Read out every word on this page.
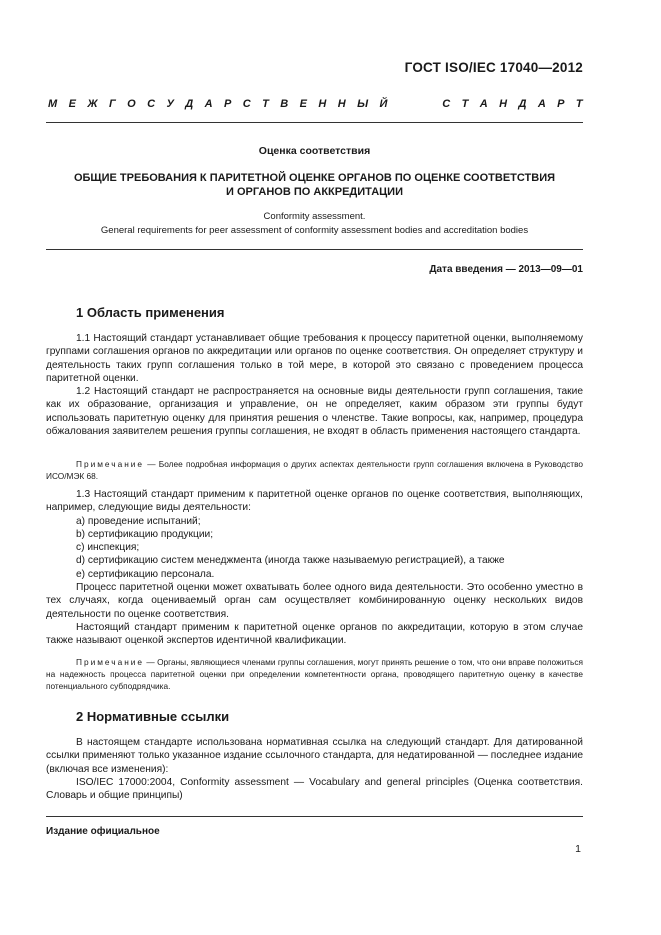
ГОСТ ISO/IEC 17040—2012
М Е Ж Г О С У Д А Р С Т В Е Н Н Ы Й

	С Т А Н Д А Р Т
Оценка соответствия
ОБЩИЕ ТРЕБОВАНИЯ К ПАРИТЕТНОЙ ОЦЕНКЕ ОРГАНОВ ПО ОЦЕНКЕ СООТВЕТСТВИЯ
И ОРГАНОВ ПО АККРЕДИТАЦИИ
Conformity assessment.
General requirements for peer assessment of conformity assessment bodies and accreditation bodies
Дата введения — 2013—09—01
1 Область применения

1.1 Настоящий стандарт устанавливает общие требования к процессу паритетной оценки, выполняемому группами соглашения органов по аккредитации или органов по оценке соответствия. Он определяет структуру и деятельность таких групп соглашения только в той мере, в которой это связано с проведением процесса паритетной оценки.

1.2 Настоящий стандарт не распространяется на основные виды деятельности групп соглашения, такие как их образование, организация и управление, он не определяет, каким образом эти группы будут использовать паритетную оценку для принятия решения о членстве. Такие вопросы, как, например, процедура обжалования заявителем решения группы соглашения, не входят в область применения настоящего стандарта.

Примечание — Более подробная информация о других аспектах деятельности групп соглашения включена в Руководство ИСО/МЭК 68.

1.3 Настоящий стандарт применим к паритетной оценке органов по оценке соответствия, выполняющих, например, следующие виды деятельности:

a) проведение испытаний;

b) сертификацию продукции;

c) инспекция;

d) сертификацию систем менеджмента (иногда также называемую регистрацией), а также

e) сертификацию персонала.

Процесс паритетной оценки может охватывать более одного вида деятельности. Это особенно уместно в тех случаях, когда оцениваемый орган сам осуществляет комбинированную оценку нескольких видов деятельности по оценке соответствия.

Настоящий стандарт применим к паритетной оценке органов по аккредитации, которую в этом случае также называют оценкой экспертов идентичной квалификации.

Примечание — Органы, являющиеся членами группы соглашения, могут принять решение о том, что они вправе положиться на надежность процесса паритетной оценки при определении компетентности органа, проводящего паритетную оценку в качестве потенциального субподрядчика.

2 Нормативные ссылки

В настоящем стандарте использована нормативная ссылка на следующий стандарт. Для датированной ссылки применяют только указанное издание ссылочного стандарта, для недатированной — последнее издание (включая все изменения):

ISO/IEC 17000:2004, Conformity assessment — Vocabulary and general principles (Оценка соответствия. Словарь и общие принципы)

Издание официальное
1
